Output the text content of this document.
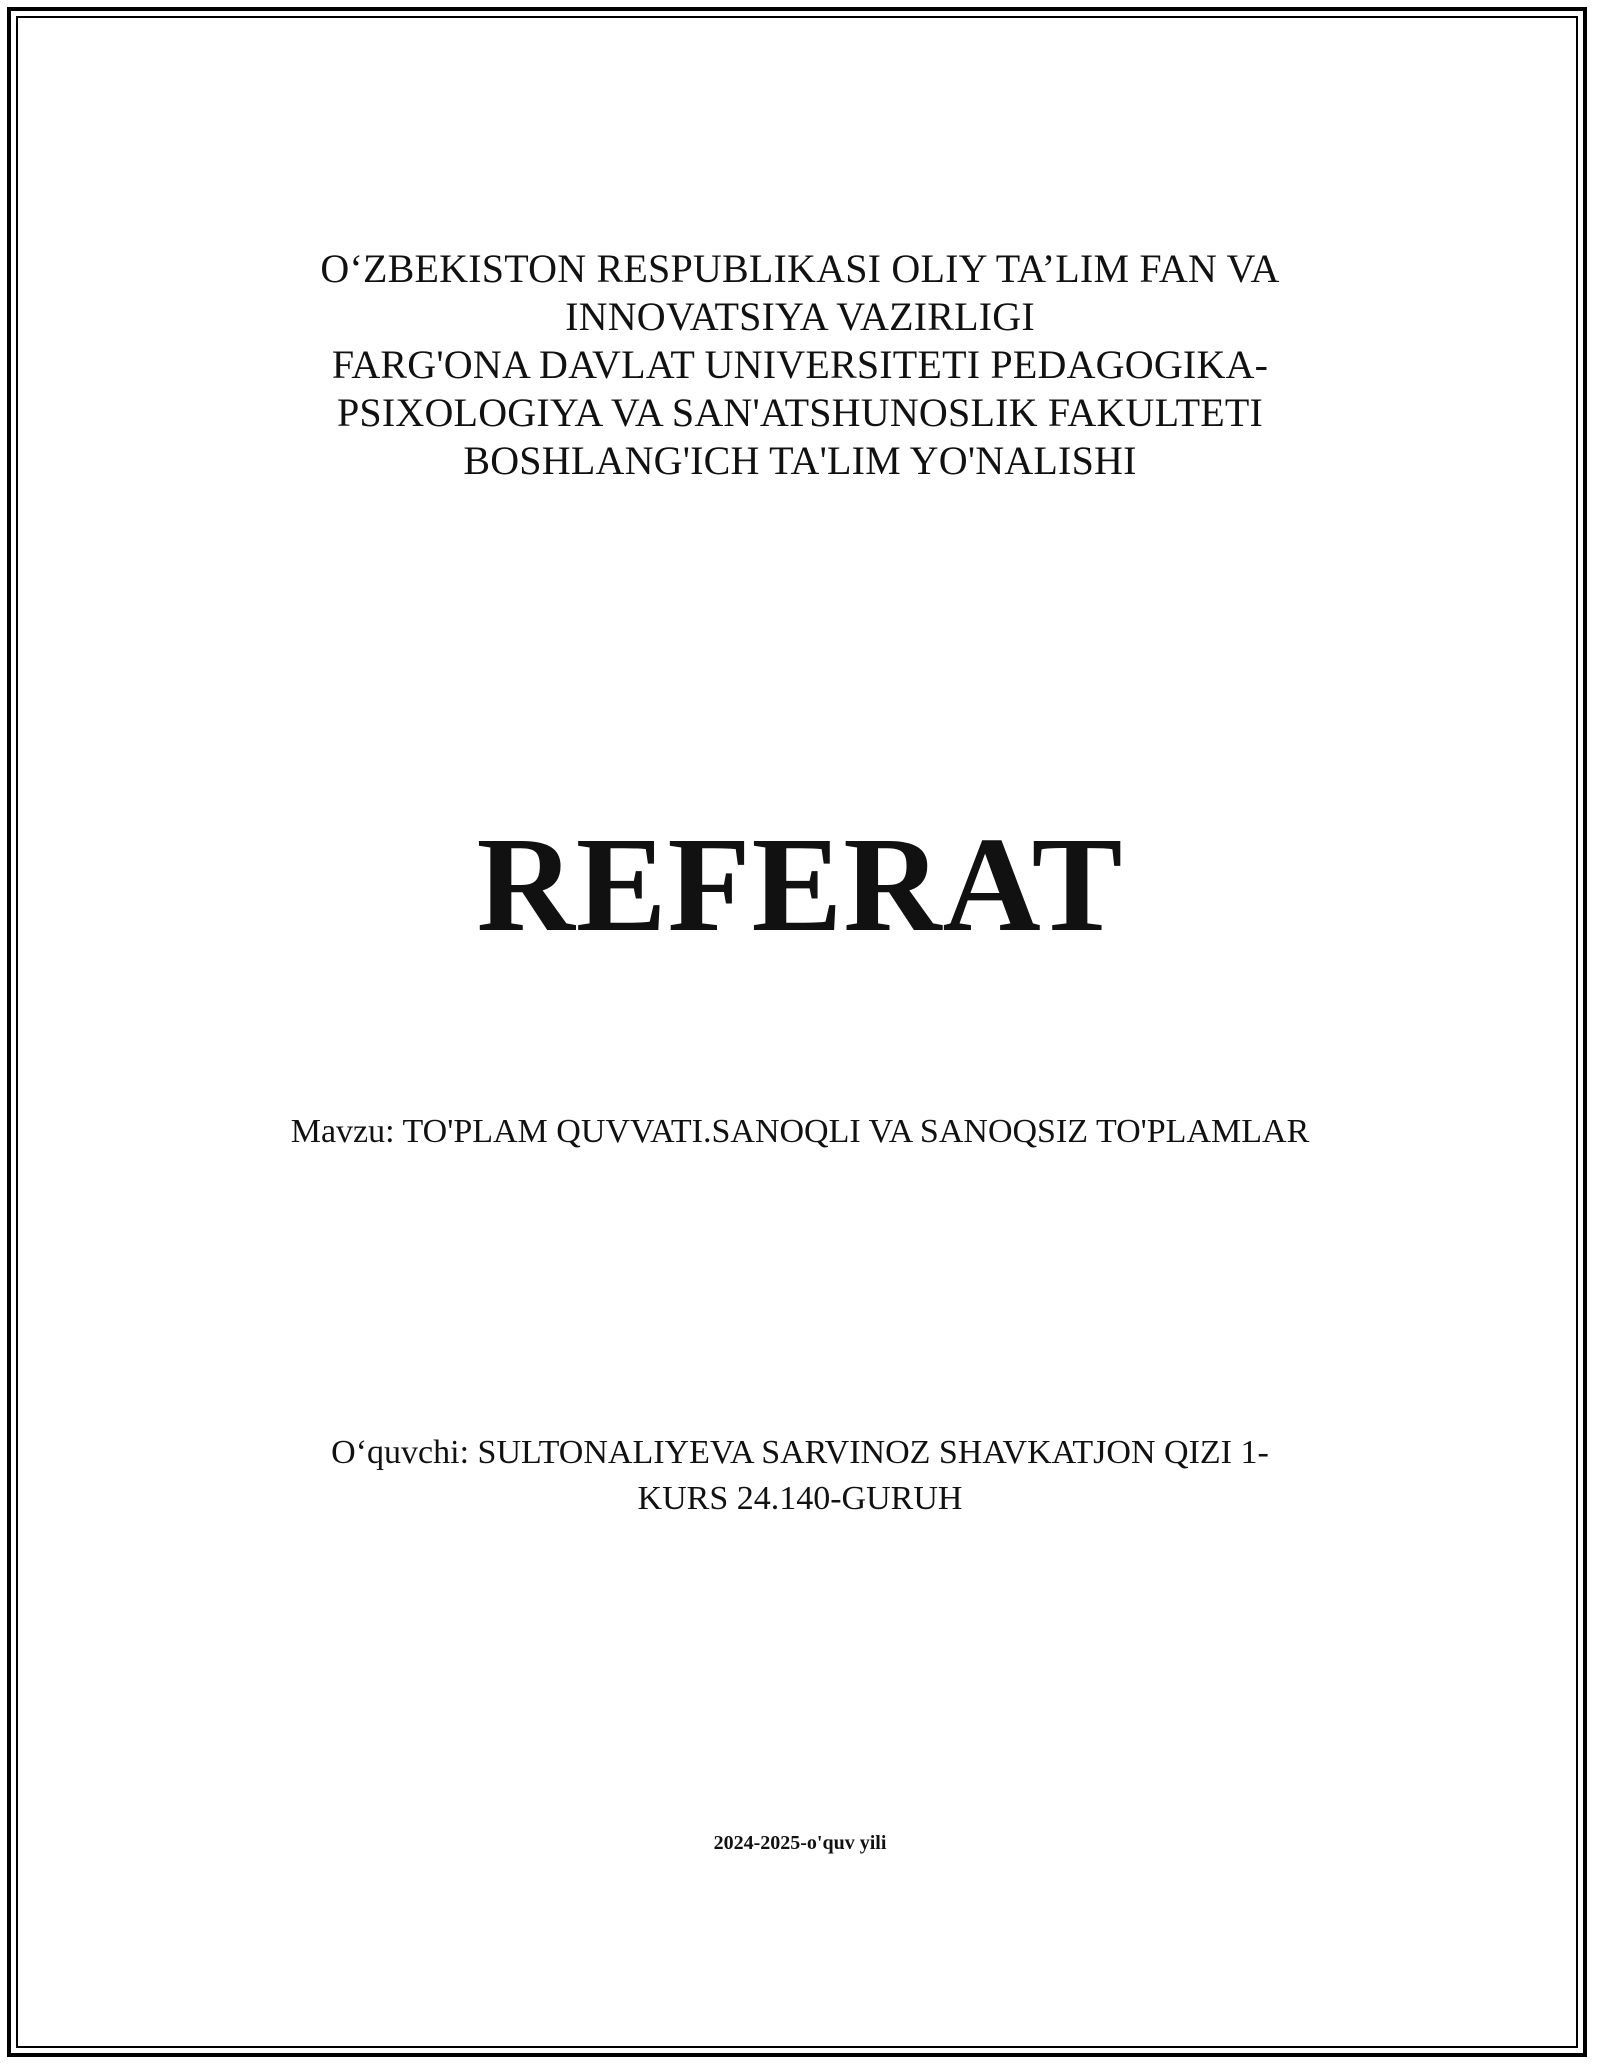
O‘ZBEKISTON RESPUBLIKASI OLIY TA’LIM FAN VA
INNOVATSIYA VAZIRLIGI
FARG'ONA DAVLAT UNIVERSITETI PEDAGOGIKA-
PSIXOLOGIYA VA SAN'ATSHUNOSLIK FAKULTETI
BOSHLANG'ICH TA'LIM YO'NALISHI
REFERAT
Mavzu: TO'PLAM QUVVATI.SANOQLI VA SANOQSIZ TO'PLAMLAR
O‘quvchi: SULTONALIYEVA SARVINOZ SHAVKATJON QIZI 1-
KURS 24.140-GURUH
2024-2025-o'quv yili
